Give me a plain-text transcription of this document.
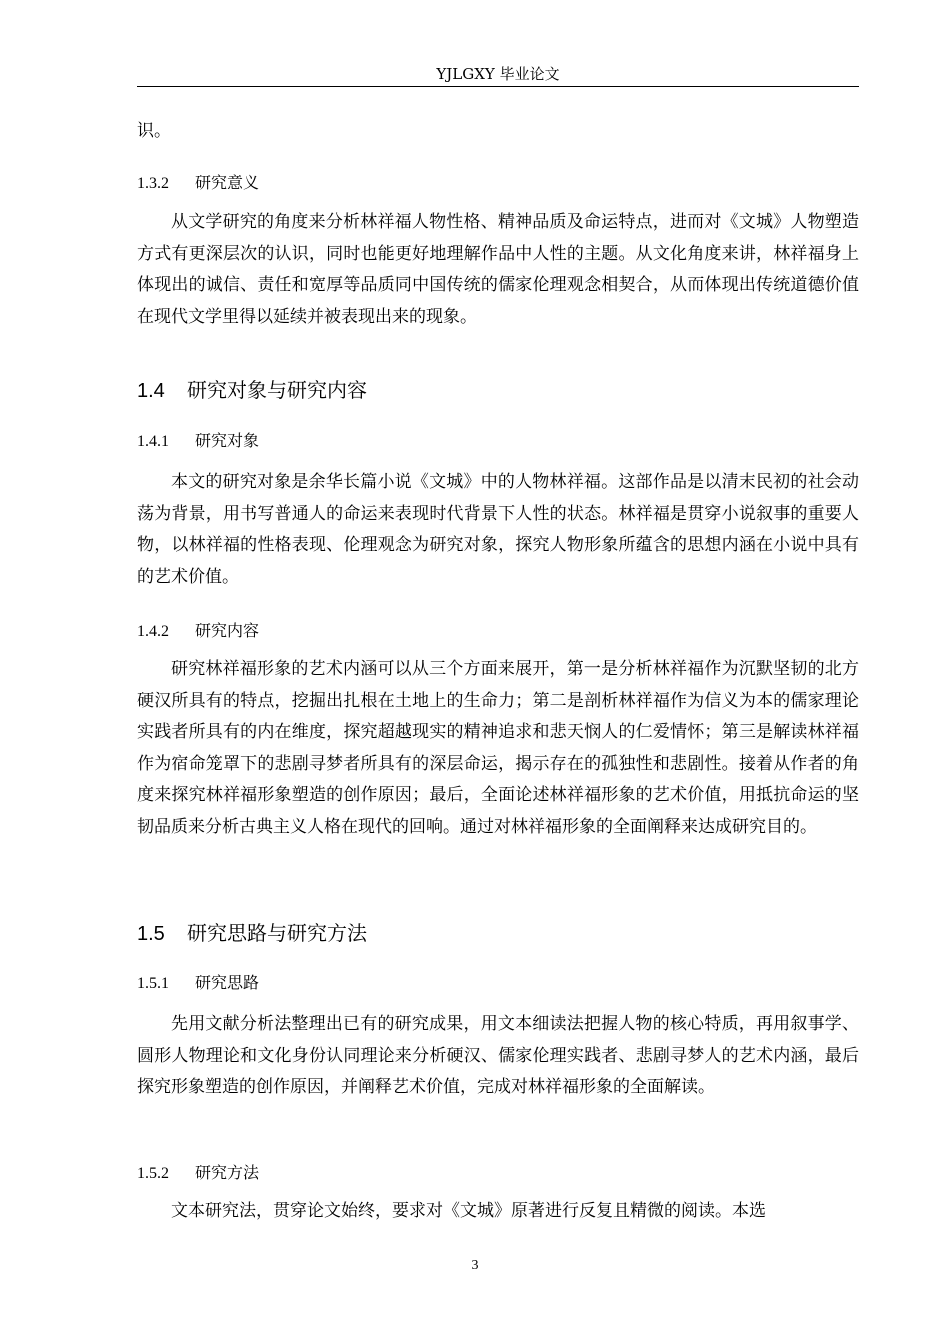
YJLGXY 毕业论文
识。
1.3.2 研究意义
从文学研究的角度来分析林祥福人物性格、精神品质及命运特点，进而对《文城》人物塑造方式有更深层次的认识，同时也能更好地理解作品中人性的主题。从文化角度来讲，林祥福身上体现出的诚信、责任和宽厚等品质同中国传统的儒家伦理观念相契合，从而体现出传统道德价值在现代文学里得以延续并被表现出来的现象。
1.4 研究对象与研究内容
1.4.1 研究对象
本文的研究对象是余华长篇小说《文城》中的人物林祥福。这部作品是以清末民初的社会动荡为背景，用书写普通人的命运来表现时代背景下人性的状态。林祥福是贯穿小说叙事的重要人物，以林祥福的性格表现、伦理观念为研究对象，探究人物形象所蕴含的思想内涵在小说中具有的艺术价值。
1.4.2 研究内容
研究林祥福形象的艺术内涵可以从三个方面来展开，第一是分析林祥福作为沉默坚韧的北方硬汉所具有的特点，挖掘出扎根在土地上的生命力；第二是剖析林祥福作为信义为本的儒家理论实践者所具有的内在维度，探究超越现实的精神追求和悲天悯人的仁爱情怀；第三是解读林祥福作为宿命笼罩下的悲剧寻梦者所具有的深层命运，揭示存在的孤独性和悲剧性。接着从作者的角度来探究林祥福形象塑造的创作原因；最后，全面论述林祥福形象的艺术价值，用抵抗命运的坚韧品质来分析古典主义人格在现代的回响。通过对林祥福形象的全面阐释来达成研究目的。
1.5 研究思路与研究方法
1.5.1 研究思路
先用文献分析法整理出已有的研究成果，用文本细读法把握人物的核心特质，再用叙事学、圆形人物理论和文化身份认同理论来分析硬汉、儒家伦理实践者、悲剧寻梦人的艺术内涵，最后探究形象塑造的创作原因，并阐释艺术价值，完成对林祥福形象的全面解读。
1.5.2 研究方法
文本研究法，贯穿论文始终，要求对《文城》原著进行反复且精微的阅读。本选
3
